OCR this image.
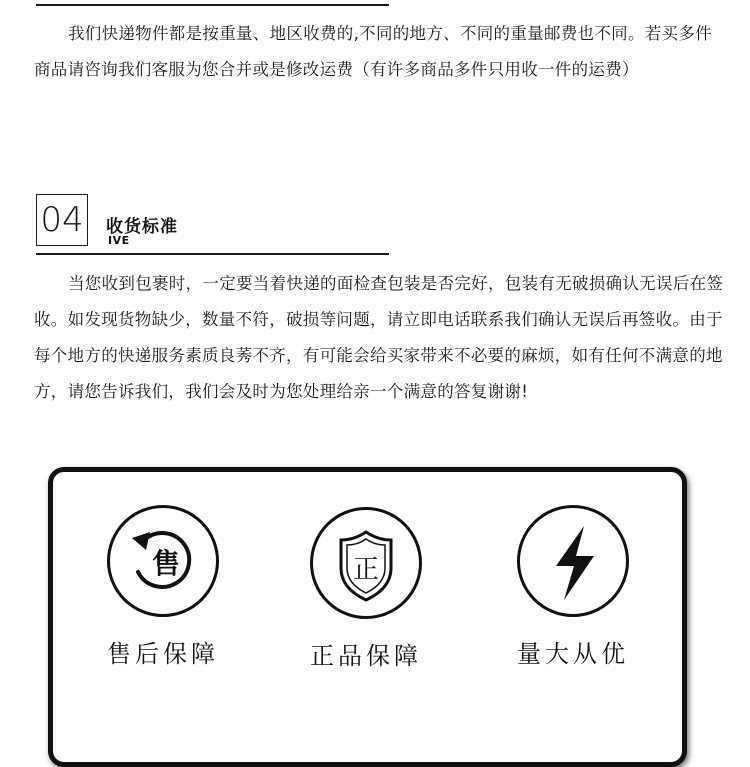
我们快递物件都是按重量、地区收费的,不同的地方、不同的重量邮费也不同。若买多件商品请咨询我们客服为您合并或是修改运费（有许多商品多件只用收一件的运费）
04 收货标准
IVE
当您收到包裹时，一定要当着快递的面检查包装是否完好，包装有无破损确认无误后在签收。如发现货物缺少，数量不符，破损等问题，请立即电话联系我们确认无误后再签收。由于每个地方的快递服务素质良莠不齐，有可能会给买家带来不必要的麻烦，如有任何不满意的地方，请您告诉我们，我们会及时为您处理给亲一个满意的答复谢谢!
售
售后保障
正
正品保障	量大从优
